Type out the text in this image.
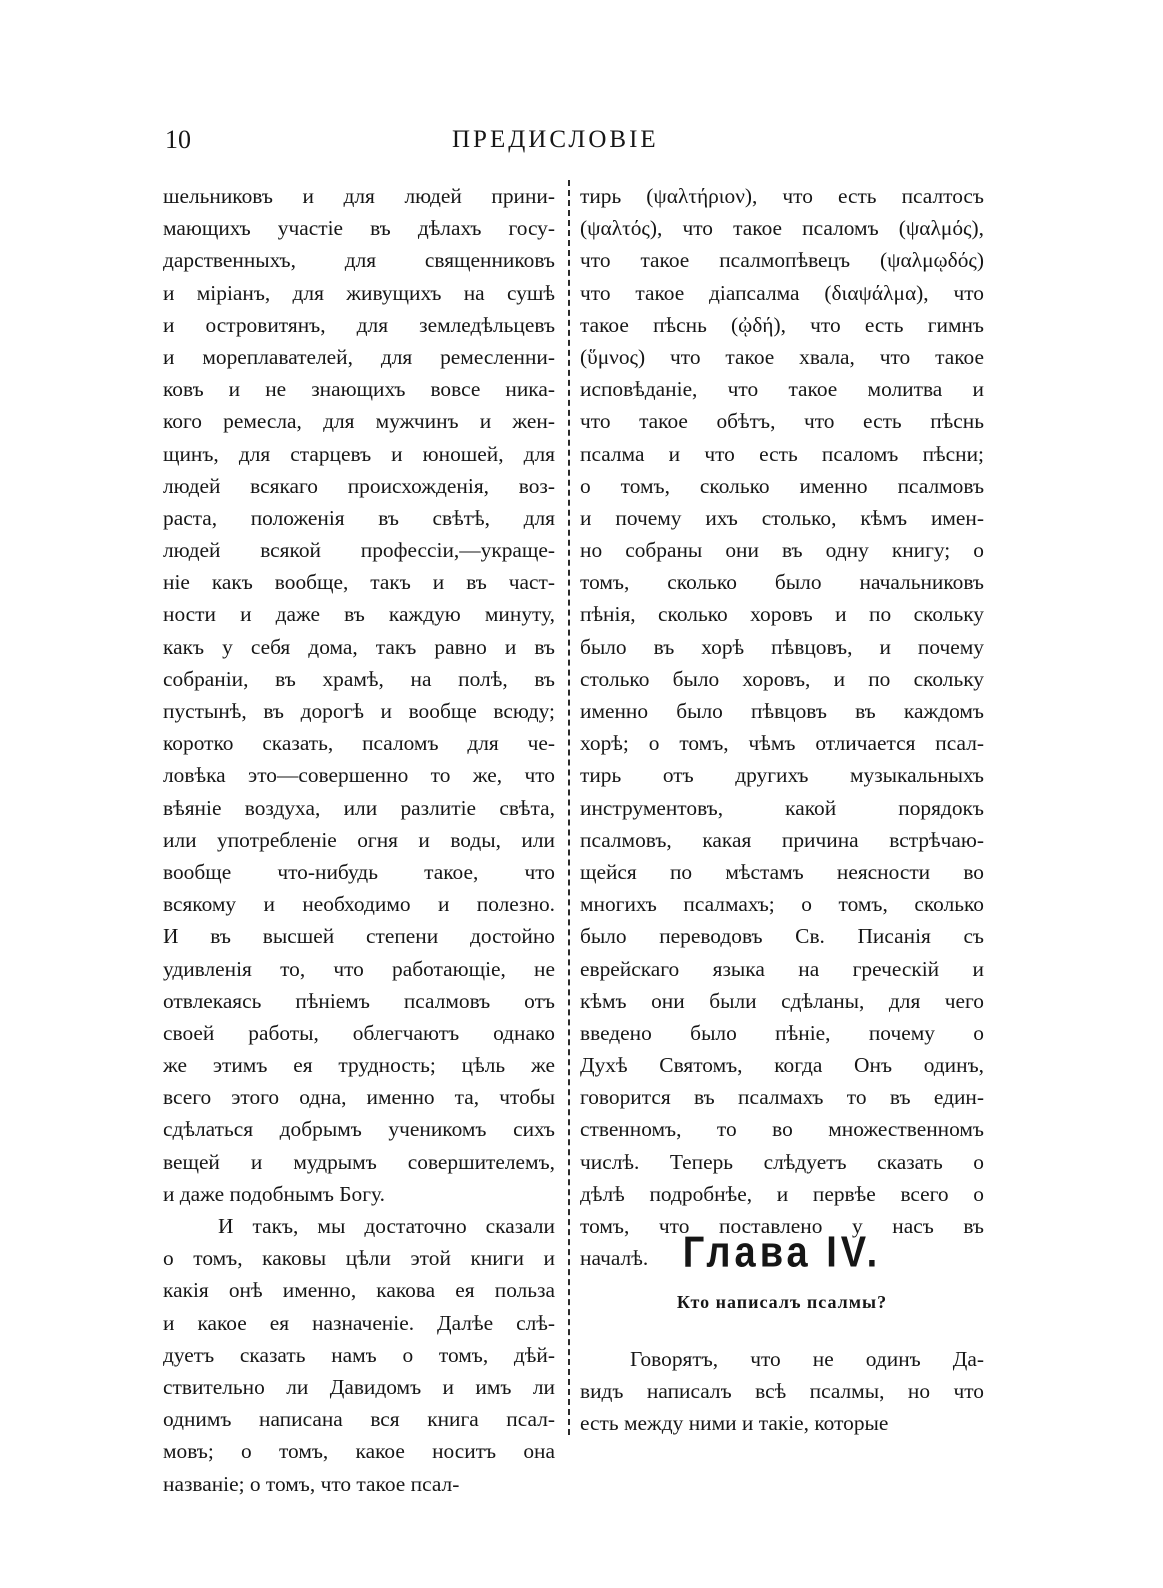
10	ПРЕДИСЛОВІЕ
шельниковъ и для людей прини-
мающихъ участіе въ дѣлахъ госу-
дарственныхъ, для священниковъ
и міріанъ, для живущихъ на сушѣ
и островитянъ, для земледѣльцевъ
и мореплавателей, для ремесленни-
ковъ и не знающихъ вовсе ника-
кого ремесла, для мужчинъ и жен-
щинъ, для старцевъ и юношей, для
людей всякаго происхожденія, воз-
раста, положенія въ свѣтѣ, для
людей всякой профессіи,—украще-
ніе какъ вообще, такъ и въ част-
ности и даже въ каждую минуту,
какъ у себя дома, такъ равно и въ
собраніи, въ храмѣ, на полѣ, въ
пустынѣ, въ дорогѣ и вообще всюду;
коротко сказать, псаломъ для че-
ловѣка это—совершенно то же, что
вѣяніе воздуха, или разлитіе свѣта,
или употребленіе огня и воды, или
вообще что-нибудь такое, что
всякому и необходимо и полезно.
И въ высшей степени достойно
удивленія то, что работающіе, не
отвлекаясь пѣніемъ псалмовъ отъ
своей работы, облегчаютъ однако
же этимъ ея трудность; цѣль же
всего этого одна, именно та, чтобы
сдѣлаться добрымъ ученикомъ сихъ
вещей и мудрымъ совершителемъ,
и даже подобнымъ Богу.
И такъ, мы достаточно сказали
о томъ, каковы цѣли этой книги и
какія онѣ именно, какова ея польза
и какое ея назначеніе. Далѣе слѣ-
дуетъ сказать намъ о томъ, дѣй-
ствительно ли Давидомъ и имъ ли
однимъ написана вся книга псал-
мовъ; о томъ, какое носитъ она
названіе; о томъ, что такое псал-
тирь (ψαλτήριον), что есть псалтосъ
(ψαλτός), что такое псаломъ (ψαλμός),
что такое псалмопѣвецъ (ψαλμῳδός)
что такое діапсалма (διαψάλμα), что
такое пѣснь (ᾠδή), что есть гимнъ
(ὕμνος) что такое хвала, что такое
исповѣданіе, что такое молитва и
что такое обѣтъ, что есть пѣснь
псалма и что есть псаломъ пѣсни;
о томъ, сколько именно псалмовъ
и почему ихъ столько, кѣмъ имен-
но собраны они въ одну книгу; о
томъ, сколько было начальниковъ
пѣнія, сколько хоровъ и по скольку
было въ хорѣ пѣвцовъ, и почему
столько было хоровъ, и по скольку
именно было пѣвцовъ въ каждомъ
хорѣ; о томъ, чѣмъ отличается псал-
тирь отъ другихъ музыкальныхъ
инструментовъ, какой порядокъ
псалмовъ, какая причина встрѣчаю-
щейся по мѣстамъ неясности во
многихъ псалмахъ; о томъ, сколько
было переводовъ Св. Писанія съ
еврейскаго языка на греческій и
кѣмъ они были сдѣланы, для чего
введено было пѣніе, почему о
Духѣ Святомъ, когда Онъ одинъ,
говорится въ псалмахъ то въ един-
ственномъ, то во множественномъ
числѣ. Теперь слѣдуетъ сказать о
дѣлѣ подробнѣе, и первѣе всего о
томъ, что поставлено у насъ въ
началѣ. Глава IV.
Кто написалъ псалмы?
Говорятъ, что не одинъ Да-
видъ написалъ всѣ псалмы, но что
есть между ними и такіе, которые
